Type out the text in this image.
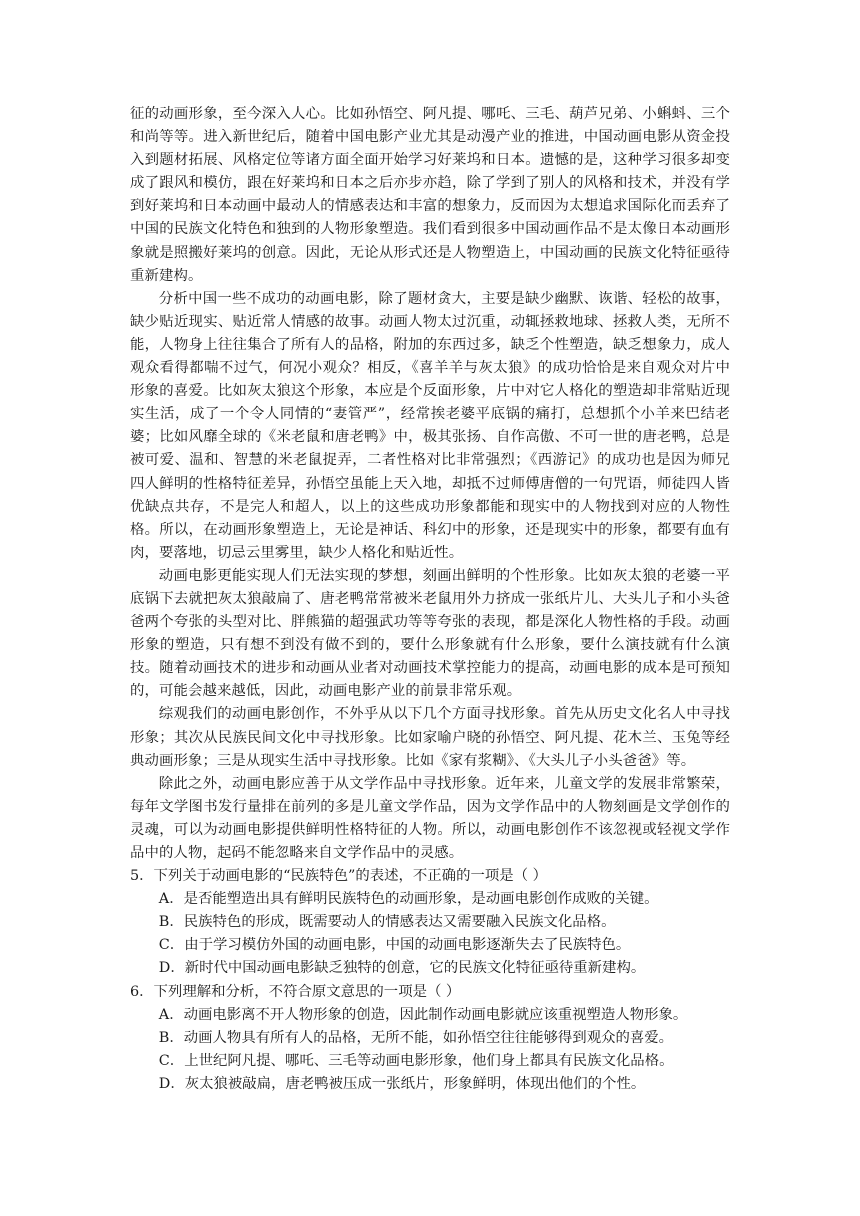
征的动画形象，至今深入人心。比如孙悟空、阿凡提、哪吒、三毛、葫芦兄弟、小蝌蚪、三个和尚等等。进入新世纪后，随着中国电影产业尤其是动漫产业的推进，中国动画电影从资金投入到题材拓展、风格定位等诸方面全面开始学习好莱坞和日本。遗憾的是，这种学习很多却变成了跟风和模仿，跟在好莱坞和日本之后亦步亦趋，除了学到了别人的风格和技术，并没有学到好莱坞和日本动画中最动人的情感表达和丰富的想象力，反而因为太想追求国际化而丢弃了中国的民族文化特色和独到的人物形象塑造。我们看到很多中国动画作品不是太像日本动画形象就是照搬好莱坞的创意。因此，无论从形式还是人物塑造上，中国动画的民族文化特征亟待重新建构。

分析中国一些不成功的动画电影，除了题材贪大，主要是缺少幽默、诙谐、轻松的故事，缺少贴近现实、贴近常人情感的故事。动画人物太过沉重，动辄拯救地球、拯救人类，无所不能，人物身上往往集合了所有人的品格，附加的东西过多，缺乏个性塑造，缺乏想象力，成人观众看得都喘不过气，何况小观众？相反，《喜羊羊与灰太狼》的成功恰恰是来自观众对片中形象的喜爱。比如灰太狼这个形象，本应是个反面形象，片中对它人格化的塑造却非常贴近现实生活，成了一个令人同情的“妻管严”，经常挨老婆平底锅的痛打，总想抓个小羊来巴结老婆；比如风靡全球的《米老鼠和唐老鸭》中，极其张扬、自作高傲、不可一世的唐老鸭，总是被可爱、温和、智慧的米老鼠捉弄，二者性格对比非常强烈；《西游记》的成功也是因为师兄四人鲜明的性格特征差异，孙悟空虽能上天入地，却抵不过师傅唐僧的一句咒语，师徒四人皆优缺点共存，不是完人和超人，以上的这些成功形象都能和现实中的人物找到对应的人物性格。所以，在动画形象塑造上，无论是神话、科幻中的形象，还是现实中的形象，都要有血有肉，要落地，切忌云里雾里，缺少人格化和贴近性。

动画电影更能实现人们无法实现的梦想，刻画出鲜明的个性形象。比如灰太狼的老婆一平底锅下去就把灰太狼敲扁了、唐老鸭常常被米老鼠用外力挤成一张纸片儿、大头儿子和小头爸爸两个夸张的头型对比、胖熊猫的超强武功等等夸张的表现，都是深化人物性格的手段。动画形象的塑造，只有想不到没有做不到的，要什么形象就有什么形象，要什么演技就有什么演技。随着动画技术的进步和动画从业者对动画技术掌控能力的提高，动画电影的成本是可预知的，可能会越来越低，因此，动画电影产业的前景非常乐观。

综观我们的动画电影创作，不外乎从以下几个方面寻找形象。首先从历史文化名人中寻找形象；其次从民族民间文化中寻找形象。比如家喻户晓的孙悟空、阿凡提、花木兰、玉兔等经典动画形象；三是从现实生活中寻找形象。比如《家有浆糊》、《大头儿子小头爸爸》等。

除此之外，动画电影应善于从文学作品中寻找形象。近年来，儿童文学的发展非常繁荣，每年文学图书发行量排在前列的多是儿童文学作品，因为文学作品中的人物刻画是文学创作的灵魂，可以为动画电影提供鲜明性格特征的人物。所以，动画电影创作不该忽视或轻视文学作品中的人物，起码不能忽略来自文学作品中的灵感。

5．下列关于动画电影的“民族特色”的表述，不正确的一项是（ ）

A．是否能塑造出具有鲜明民族特色的动画形象，是动画电影创作成败的关键。
B．民族特色的形成，既需要动人的情感表达又需要融入民族文化品格。
C．由于学习模仿外国的动画电影，中国的动画电影逐渐失去了民族特色。
D．新时代中国动画电影缺乏独特的创意，它的民族文化特征亟待重新建构。

6．下列理解和分析，不符合原文意思的一项是（ ）

A．动画电影离不开人物形象的创造，因此制作动画电影就应该重视塑造人物形象。
B．动画人物具有所有人的品格，无所不能，如孙悟空往往能够得到观众的喜爱。
C．上世纪阿凡提、哪吒、三毛等动画电影形象，他们身上都具有民族文化品格。
D．灰太狼被敲扁，唐老鸭被压成一张纸片，形象鲜明，体现出他们的个性。
